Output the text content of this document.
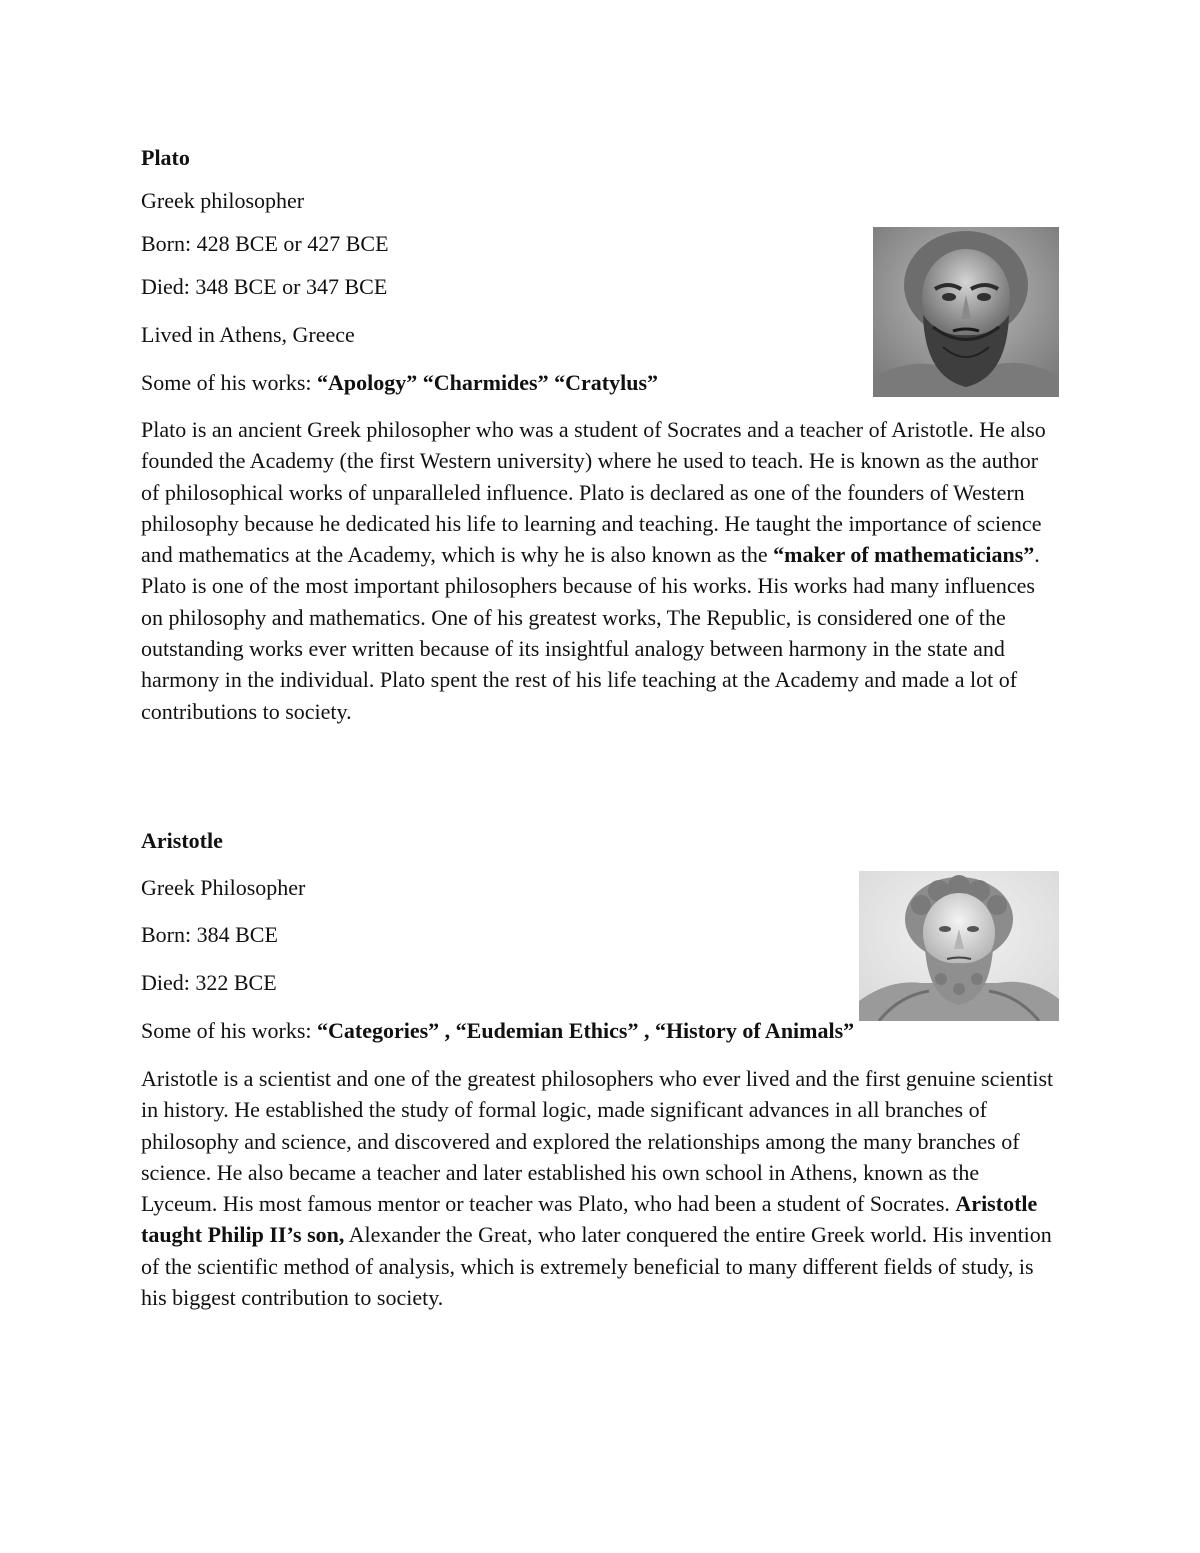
Plato
Greek philosopher
Born: 428 BCE or 427 BCE
Died: 348 BCE or 347 BCE
Lived in Athens, Greece
Some of his works: “Apology” “Charmides” “Cratylus”

Plato is an ancient Greek philosopher who was a student of Socrates and a teacher of Aristotle. He also founded the Academy (the first Western university) where he used to teach. He is known as the author of philosophical works of unparalleled influence. Plato is declared as one of the founders of Western philosophy because he dedicated his life to learning and teaching. He taught the importance of science and mathematics at the Academy, which is why he is also known as the “maker of mathematicians”. Plato is one of the most important philosophers because of his works. His works had many influences on philosophy and mathematics. One of his greatest works, The Republic, is considered one of the outstanding works ever written because of its insightful analogy between harmony in the state and harmony in the individual. Plato spent the rest of his life teaching at the Academy and made a lot of contributions to society.

Aristotle
Greek Philosopher
Born: 384 BCE
Died: 322 BCE
Some of his works: “Categories” , “Eudemian Ethics” , “History of Animals”

Aristotle is a scientist and one of the greatest philosophers who ever lived and the first genuine scientist in history. He established the study of formal logic, made significant advances in all branches of philosophy and science, and discovered and explored the relationships among the many branches of science. He also became a teacher and later established his own school in Athens, known as the Lyceum. His most famous mentor or teacher was Plato, who had been a student of Socrates. Aristotle taught Philip II’s son, Alexander the Great, who later conquered the entire Greek world. His invention of the scientific method of analysis, which is extremely beneficial to many different fields of study, is his biggest contribution to society.
